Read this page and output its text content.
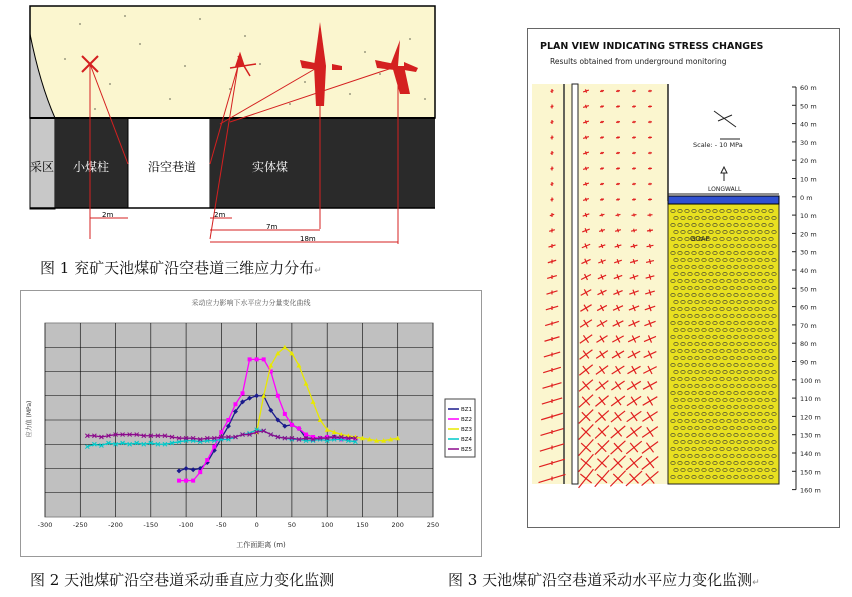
采区 小煤柱	沿空巷道	实体煤
2m	2m
7m
18m
图 1 兖矿天池煤矿沿空巷道三维应力分布↵
采动应力影响下水平应力分量变化曲线
-300	-250	-200	-150	-100	-50	0	50	100	150	200	250
应力值 (MPa)
工作面距离 (m)
BZ1
BZ2
BZ3
BZ4
BZ5
图 2 天池煤矿沿空巷道采动垂直应力变化监测
PLAN VIEW INDICATING STRESS CHANGES
Results obtained from underground monitoring
GOAF
LONGWALL
Scale: - 10 MPa
60 m
50 m
40 m
30 m
20 m
10 m
0 m
10 m
20 m
30 m
40 m
50 m
60 m
70 m
80 m
90 m
100 m
110 m
120 m
130 m
140 m
150 m
160 m
图 3 天池煤矿沿空巷道采动水平应力变化监测↵
